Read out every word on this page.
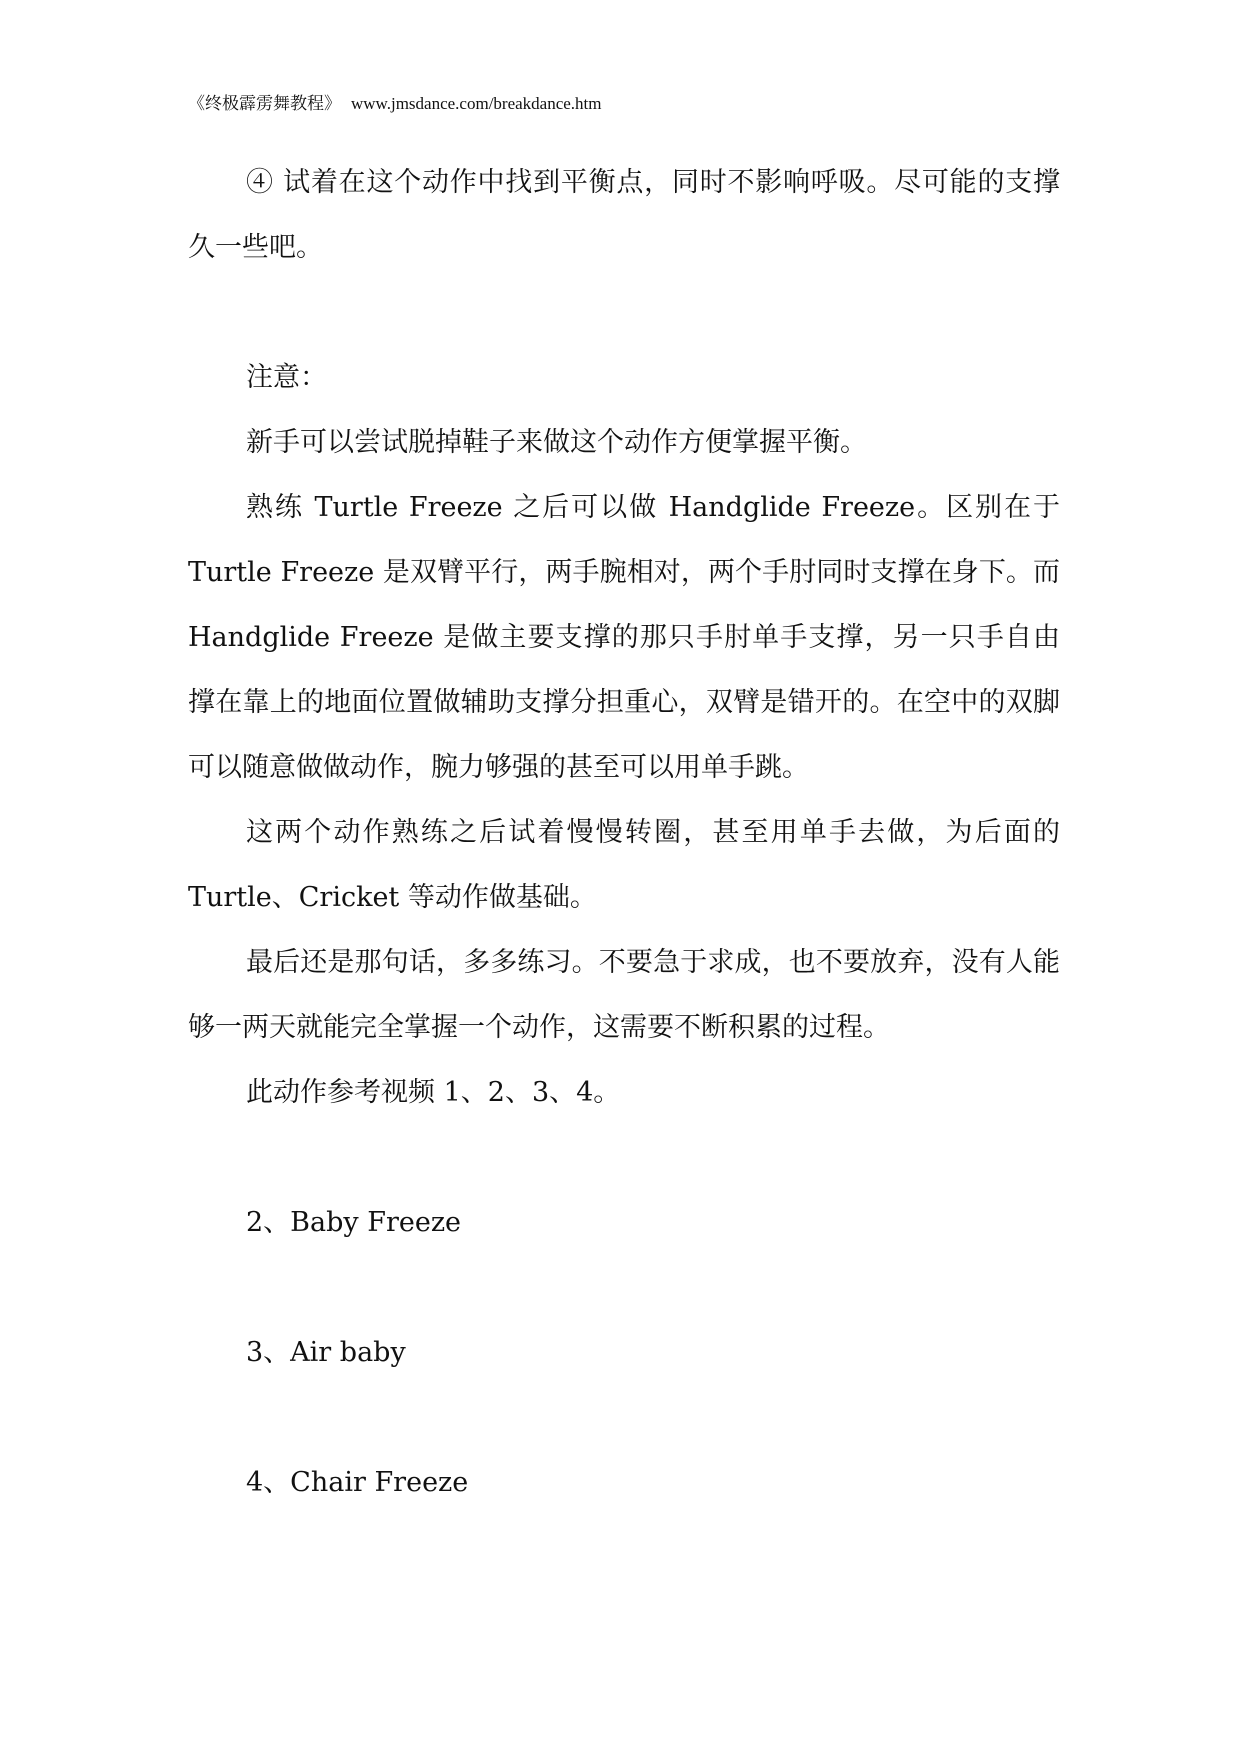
《终极霹雳舞教程》 www.jmsdance.com/breakdance.htm

④ 试着在这个动作中找到平衡点，同时不影响呼吸。尽可能的支撑久一些吧。

注意：

新手可以尝试脱掉鞋子来做这个动作方便掌握平衡。

熟练 Turtle Freeze 之后可以做 Handglide Freeze。区别在于 Turtle Freeze 是双臂平行，两手腕相对，两个手肘同时支撑在身下。而 Handglide Freeze 是做主要支撑的那只手肘单手支撑，另一只手自由撑在靠上的地面位置做辅助支撑分担重心，双臂是错开的。在空中的双脚可以随意做做动作，腕力够强的甚至可以用单手跳。

这两个动作熟练之后试着慢慢转圈，甚至用单手去做，为后面的 Turtle、Cricket 等动作做基础。

最后还是那句话，多多练习。不要急于求成，也不要放弃，没有人能够一两天就能完全掌握一个动作，这需要不断积累的过程。

此动作参考视频 1、2、3、4。

2、Baby Freeze

3、Air baby

4、Chair Freeze
